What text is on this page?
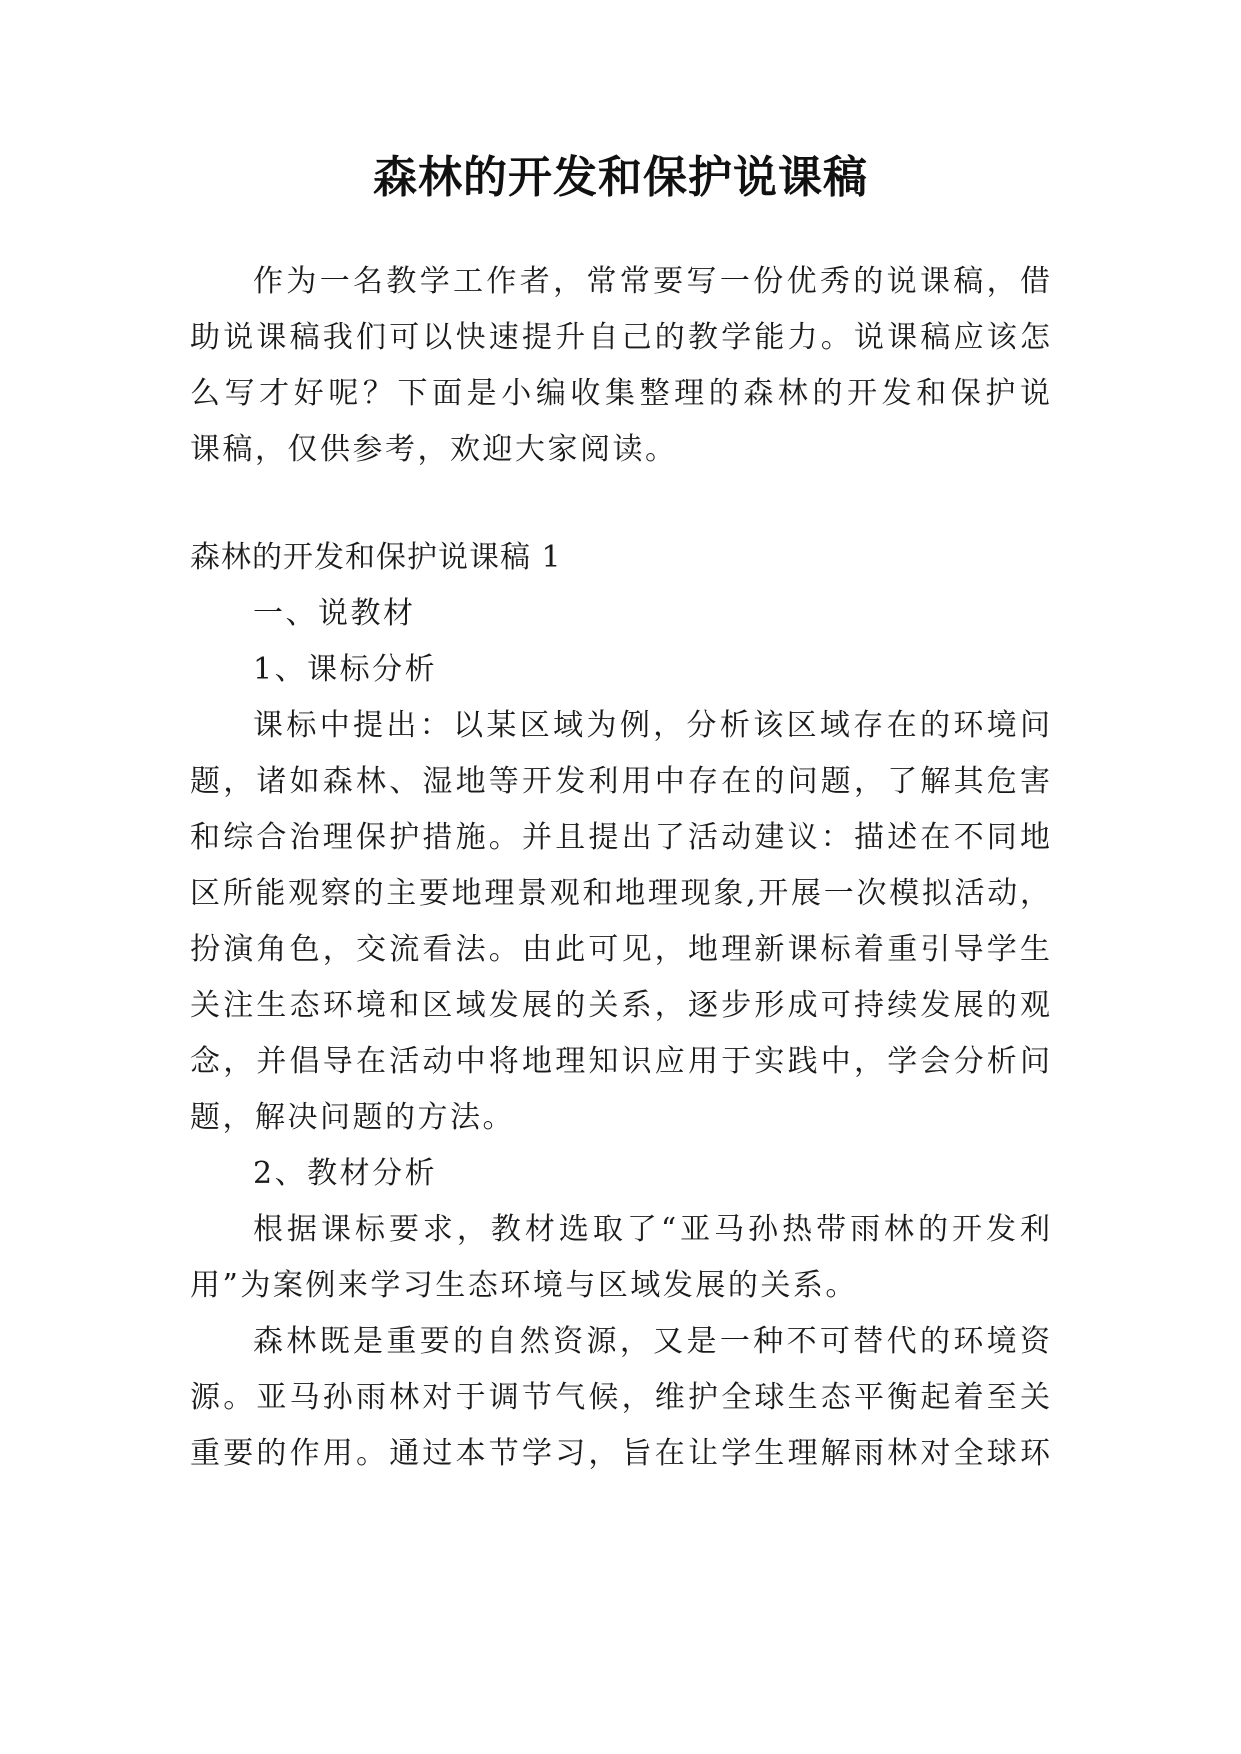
森林的开发和保护说课稿
作为一名教学工作者，常常要写一份优秀的说课稿，借
助说课稿我们可以快速提升自己的教学能力。说课稿应该怎
么写才好呢？下面是小编收集整理的森林的开发和保护说
课稿，仅供参考，欢迎大家阅读。
森林的开发和保护说课稿 1
一、说教材
1、课标分析
课标中提出：以某区域为例，分析该区域存在的环境问
题，诸如森林、湿地等开发利用中存在的问题，了解其危害
和综合治理保护措施。并且提出了活动建议：描述在不同地
区所能观察的主要地理景观和地理现象,开展一次模拟活动，
扮演角色，交流看法。由此可见，地理新课标着重引导学生
关注生态环境和区域发展的关系，逐步形成可持续发展的观
念，并倡导在活动中将地理知识应用于实践中，学会分析问
题，解决问题的方法。
2、教材分析
根据课标要求，教材选取了“亚马孙热带雨林的开发利
用”为案例来学习生态环境与区域发展的关系。
森林既是重要的自然资源，又是一种不可替代的环境资
源。亚马孙雨林对于调节气候，维护全球生态平衡起着至关
重要的作用。通过本节学习，旨在让学生理解雨林对全球环
